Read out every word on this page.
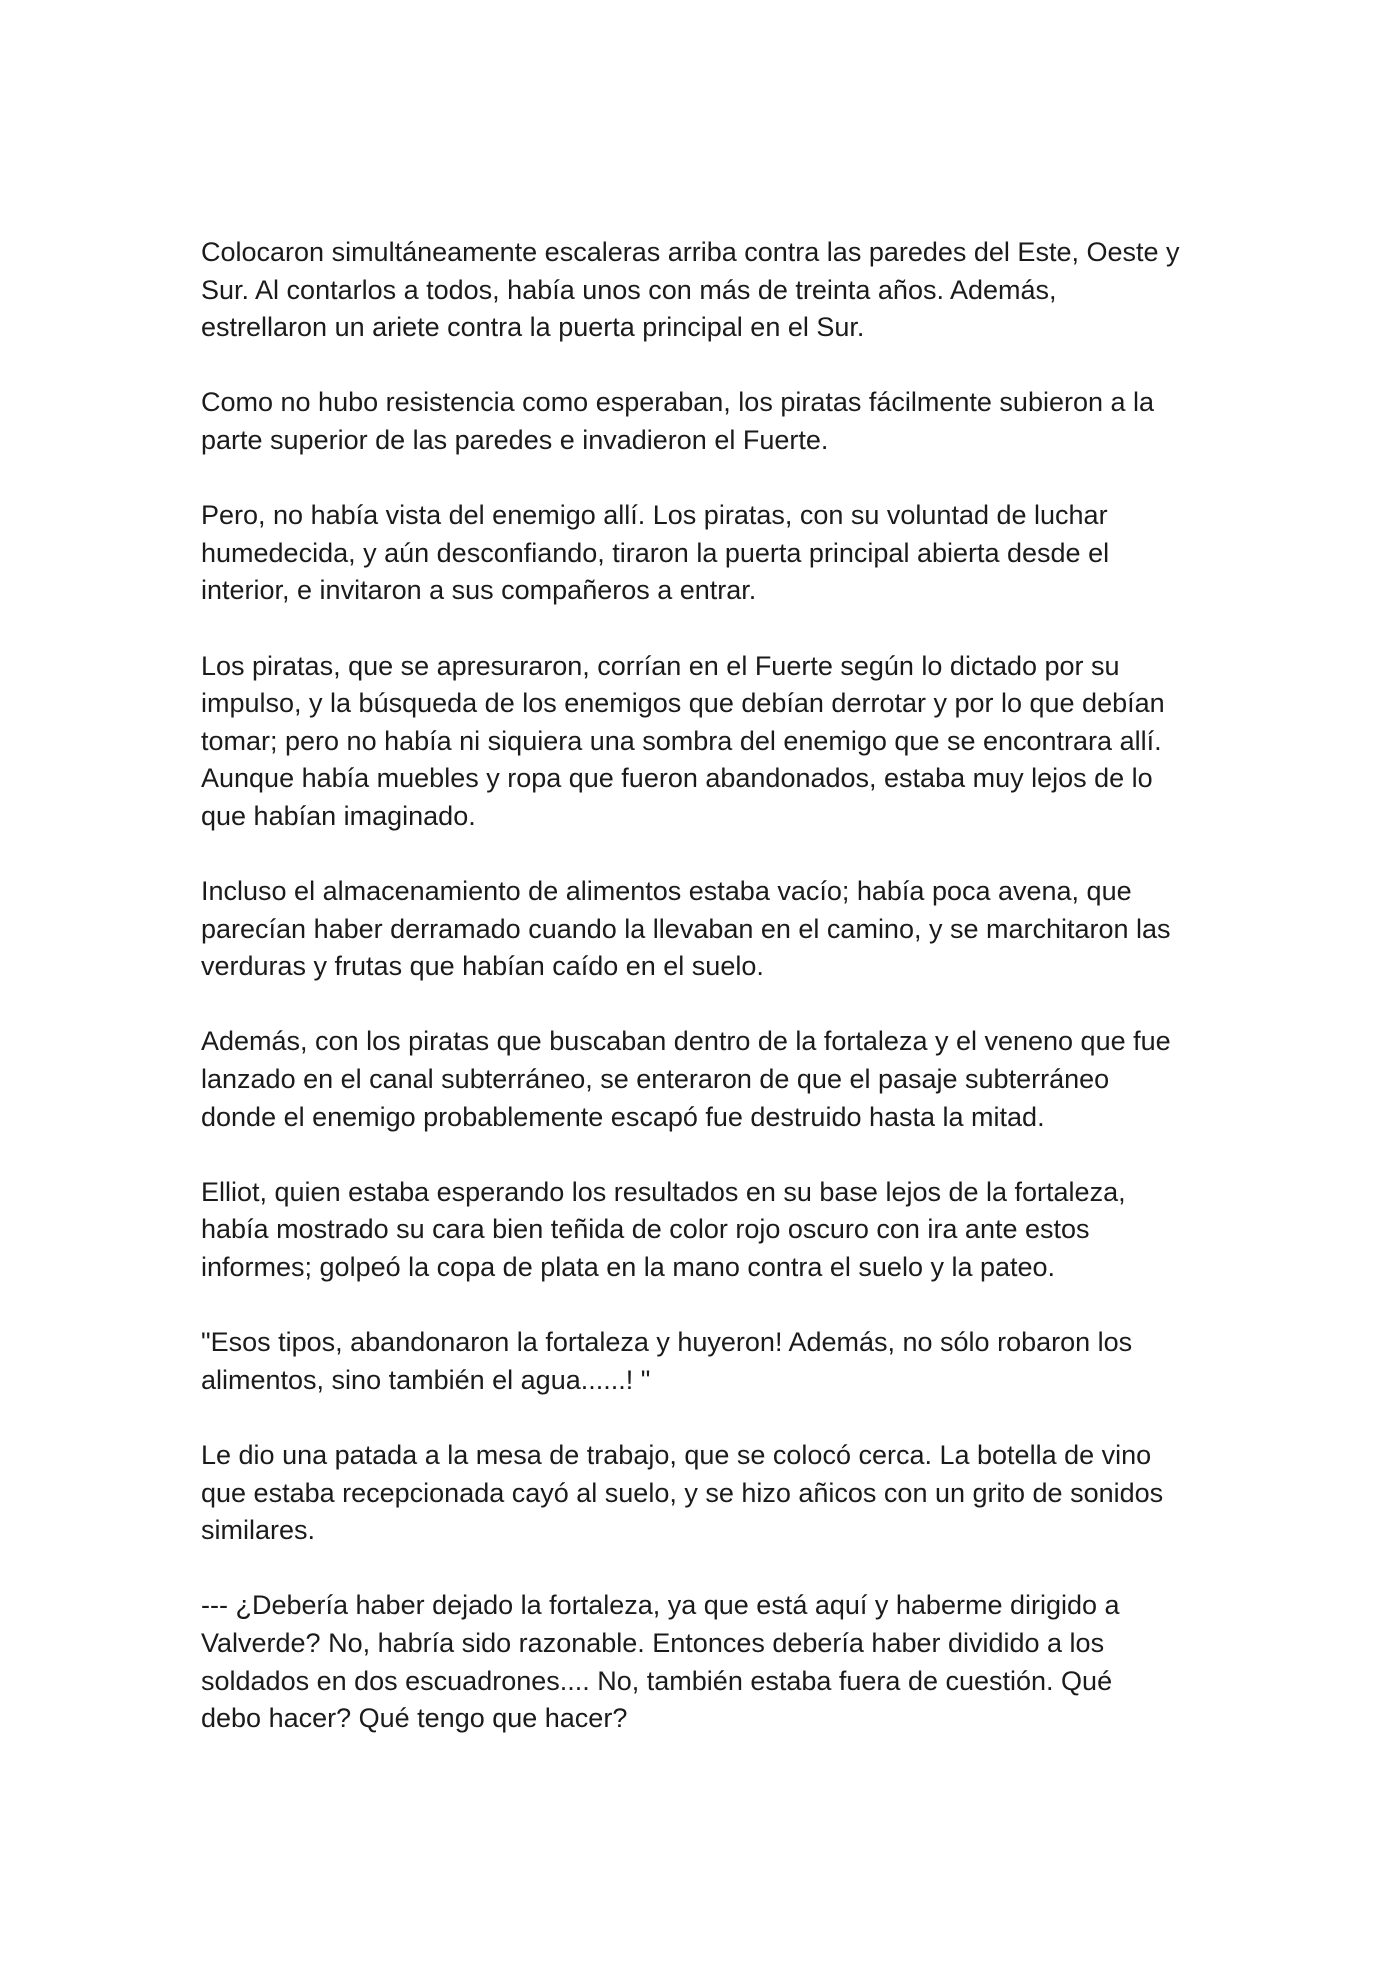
Colocaron simultáneamente escaleras arriba contra las paredes del Este, Oeste y
Sur. Al contarlos a todos, había unos con más de treinta años. Además,
estrellaron un ariete contra la puerta principal en el Sur.

Como no hubo resistencia como esperaban, los piratas fácilmente subieron a la
parte superior de las paredes e invadieron el Fuerte.

Pero, no había vista del enemigo allí. Los piratas, con su voluntad de luchar
humedecida, y aún desconfiando, tiraron la puerta principal abierta desde el
interior, e invitaron a sus compañeros a entrar.

Los piratas, que se apresuraron, corrían en el Fuerte según lo dictado por su
impulso, y la búsqueda de los enemigos que debían derrotar y por lo que debían
tomar; pero no había ni siquiera una sombra del enemigo que se encontrara allí.
Aunque había muebles y ropa que fueron abandonados, estaba muy lejos de lo
que habían imaginado.

Incluso el almacenamiento de alimentos estaba vacío; había poca avena, que
parecían haber derramado cuando la llevaban en el camino, y se marchitaron las
verduras y frutas que habían caído en el suelo.

Además, con los piratas que buscaban dentro de la fortaleza y el veneno que fue
lanzado en el canal subterráneo, se enteraron de que el pasaje subterráneo
donde el enemigo probablemente escapó fue destruido hasta la mitad.

Elliot, quien estaba esperando los resultados en su base lejos de la fortaleza,
había mostrado su cara bien teñida de color rojo oscuro con ira ante estos
informes; golpeó la copa de plata en la mano contra el suelo y la pateo.

"Esos tipos, abandonaron la fortaleza y huyeron! Además, no sólo robaron los
alimentos, sino también el agua......! "

Le dio una patada a la mesa de trabajo, que se colocó cerca. La botella de vino
que estaba recepcionada cayó al suelo, y se hizo añicos con un grito de sonidos
similares.

--- ¿Debería haber dejado la fortaleza, ya que está aquí y haberme dirigido a
Valverde? No, habría sido razonable. Entonces debería haber dividido a los
soldados en dos escuadrones.... No, también estaba fuera de cuestión. Qué
debo hacer? Qué tengo que hacer?
